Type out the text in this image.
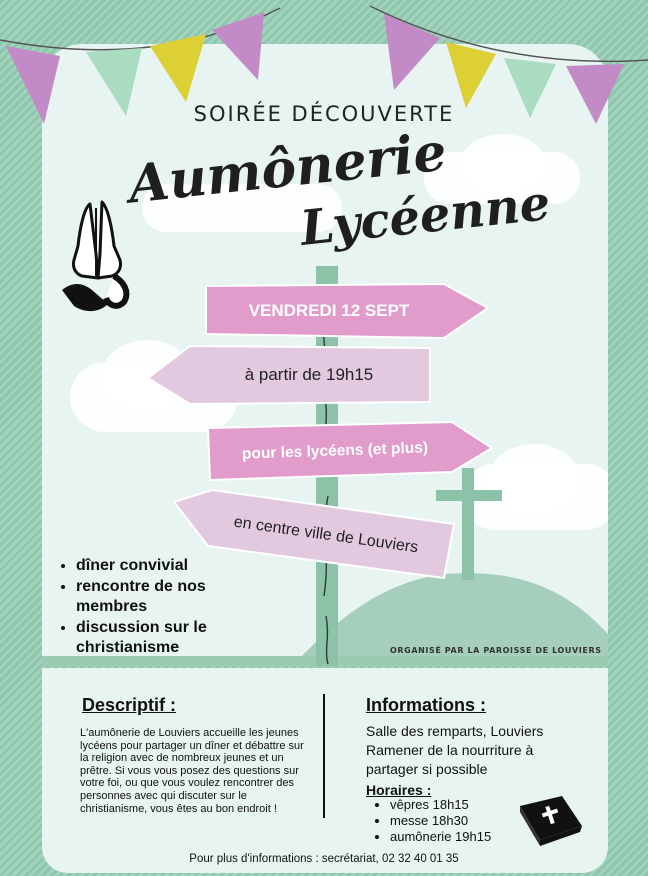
SOIRÉE DÉCOUVERTE
Aumônerie
Lycéenne
VENDREDI 12 SEPT
à partir de 19h15
pour les lycéens (et plus)
en centre ville de Louviers
• dîner convivial
• rencontre de nos membres
• discussion sur le christianisme	ORGANISÉ PAR LA PAROISSE DE LOUVIERS
Descriptif :
L'aumônerie de Louviers accueille les jeunes lycéens pour partager un dîner et débattre sur la religion avec de nombreux jeunes et un prêtre. Si vous vous posez des questions sur votre foi, ou que vous voulez rencontrer des personnes avec qui discuter sur le christianisme, vous êtes au bon endroit !
Informations :
Salle des remparts, Louviers
Ramener de la nourriture à partager si possible
Horaires :
• vêpres 18h15
• messe 18h30
• aumônerie 19h15
Pour plus d'informations : secrétariat, 02 32 40 01 35
